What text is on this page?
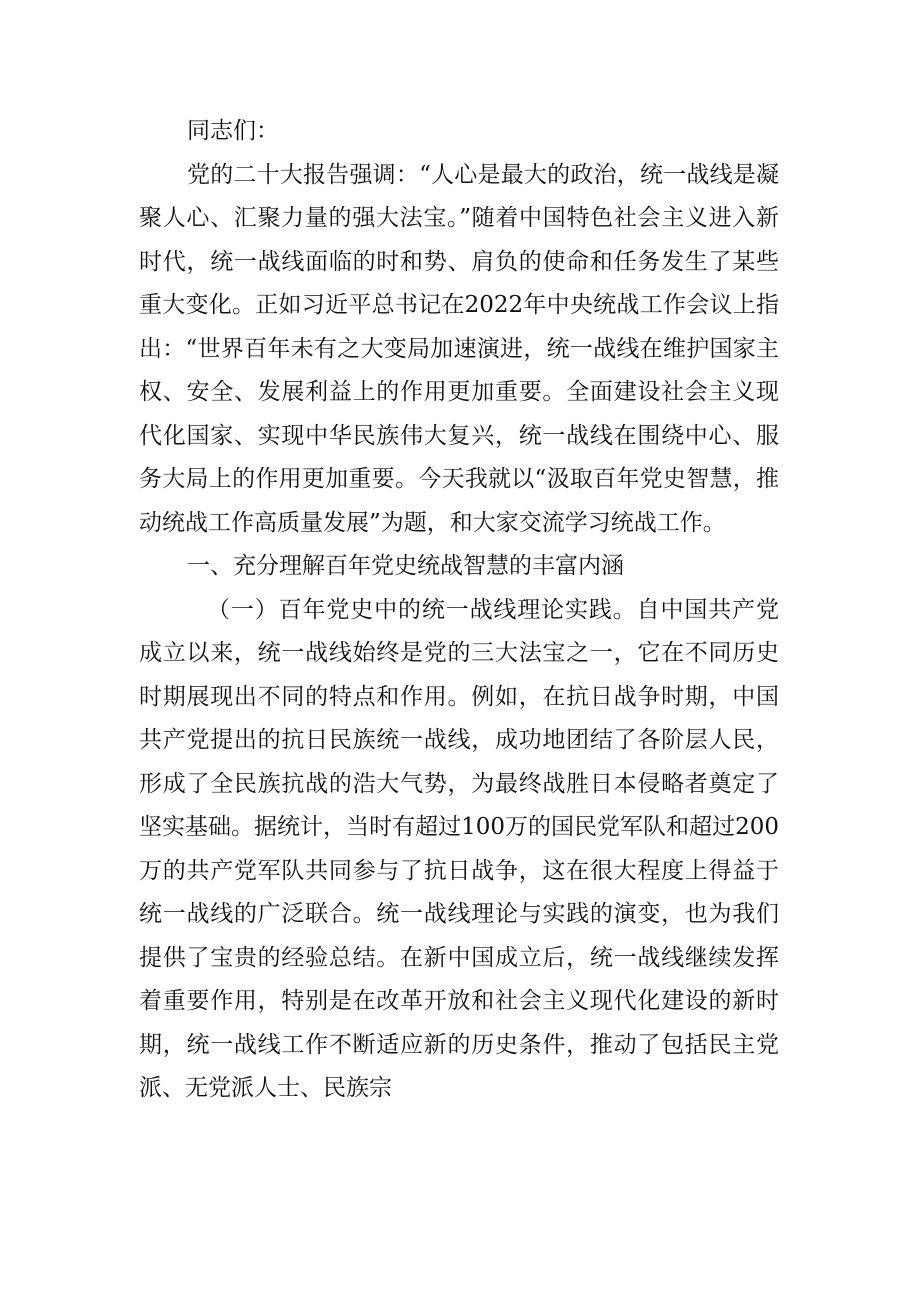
同志们：

党的二十大报告强调：“人心是最大的政治，统一战线是凝聚人心、汇聚力量的强大法宝。”随着中国特色社会主义进入新时代，统一战线面临的时和势、肩负的使命和任务发生了某些重大变化。正如习近平总书记在2022年中央统战工作会议上指出：“世界百年未有之大变局加速演进，统一战线在维护国家主权、安全、发展利益上的作用更加重要。全面建设社会主义现代化国家、实现中华民族伟大复兴，统一战线在围绕中心、服务大局上的作用更加重要。今天我就以“汲取百年党史智慧，推动统战工作高质量发展”为题，和大家交流学习统战工作。

一、充分理解百年党史统战智慧的丰富内涵

（一）百年党史中的统一战线理论实践。自中国共产党成立以来，统一战线始终是党的三大法宝之一，它在不同历史时期展现出不同的特点和作用。例如，在抗日战争时期，中国共产党提出的抗日民族统一战线，成功地团结了各阶层人民，形成了全民族抗战的浩大气势，为最终战胜日本侵略者奠定了坚实基础。据统计，当时有超过100万的国民党军队和超过200万的共产党军队共同参与了抗日战争，这在很大程度上得益于统一战线的广泛联合。统一战线理论与实践的演变，也为我们提供了宝贵的经验总结。在新中国成立后，统一战线继续发挥着重要作用，特别是在改革开放和社会主义现代化建设的新时期，统一战线工作不断适应新的历史条件，推动了包括民主党派、无党派人士、民族宗
